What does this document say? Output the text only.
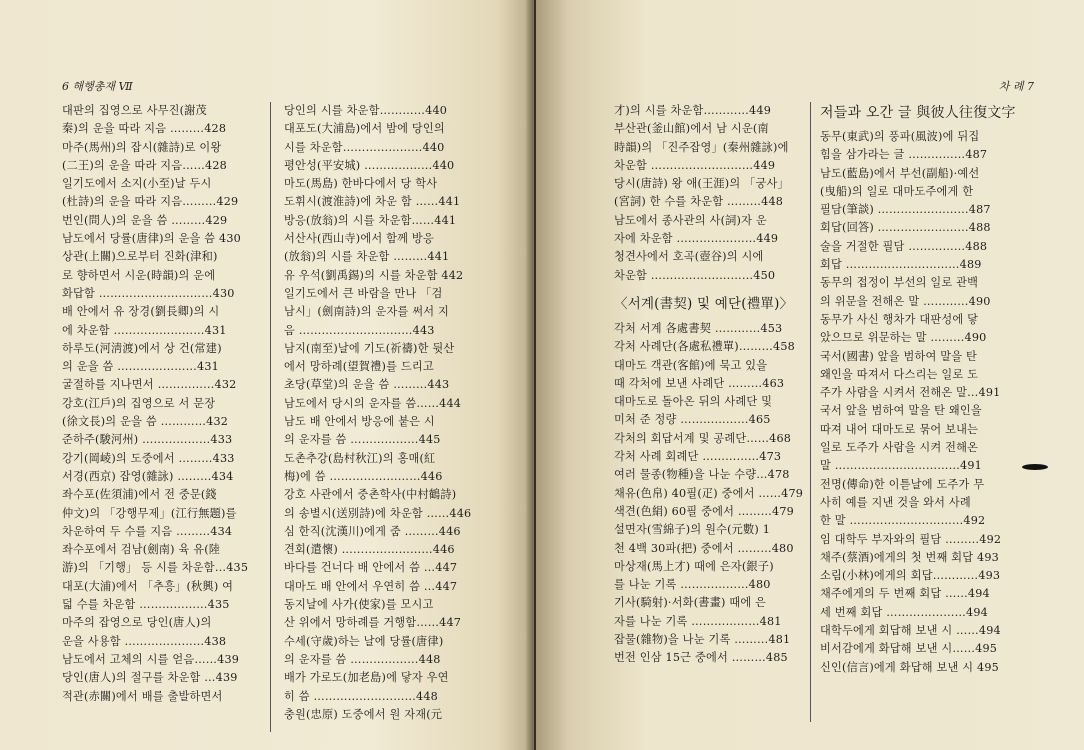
6 해행총재 Ⅶ
대판의 집영으로 사무진(謝茂
秦)의 운을 따라 지음 ………428
마주(馬州)의 잡시(雜詩)로 이왕
(二王)의 운을 따라 지음……428
일기도에서 소지(小至)날 두시
(杜詩)의 운을 따라 지음………429
번인(問人)의 운을 씀 ………429
남도에서 당률(唐律)의 운을 씀 430
상관(上關)으로부터 진화(津和)
로 향하면서 시운(時韻)의 운에
화답함 …………………………430
배 안에서 유 장경(劉長卿)의 시
에 차운함 ……………………431
하루도(河淸渡)에서 상 건(常建)
의 운을 씀 …………………431
굴절하를 지나면서 ……………432
강호(江戶)의 집영으로 서 문장
(徐文長)의 운을 씀 …………432
준하주(駿河州) ………………433
강기(岡崚)의 도중에서 ………433
서경(西京) 잡영(雜詠) ………434
좌수포(佐須浦)에서 전 중문(錢
仲文)의 「강행무제」(江行無題)를
차운하여 두 수를 지음 ………434
좌수포에서 검남(劍南) 육 유(陸
游)의 「기행」 등 시를 차운함…435
대포(大浦)에서 「추흥」(秋興) 여
덟 수를 차운함 ………………435
마주의 잡영으로 당인(唐人)의
운을 사용함 …………………438
남도에서 고체의 시를 얻음……439
당인(唐人)의 절구를 차운함 …439
적관(赤關)에서 배를 출발하면서
당인의 시를 차운함…………440
대포도(大浦島)에서 밤에 당인의
시를 차운함…………………440
평안성(平安城) ………………440
마도(馬島) 한바다에서 당 학사
도휘시(渡淮詩)에 차운 함 ……441
방응(放翁)의 시를 차운함……441
서산사(西山寺)에서 함께 방응
(放翁)의 시를 차운함 ………441
유 우석(劉禹錫)의 시를 차운함 442
일기도에서 큰 바람을 만나 「검
남시」(劍南詩)의 운자를 써서 지
음 …………………………443
남지(南至)날에 기도(祈禱)한 뒷산
에서 망하례(望賀禮)를 드리고
초당(草堂)의 운을 씀 ………443
남도에서 당시의 운자를 씀……444
남도 배 안에서 방응에 붙은 시
의 운자를 씀 ………………445
도촌추강(島村秋江)의 홍매(紅
梅)에 씀 ……………………446
강호 사관에서 중촌학사(中村鶴詩)
의 송별시(送別詩)에 차운함 ……446
심 한직(沈漢川)에게 줌 ………446
견회(遣懷) ……………………446
바다를 건너다 배 안에서 씀 …447
대마도 배 안에서 우연히 씀 …447
동지날에 사가(使家)를 모시고
산 위에서 망하례를 거행함……447
수세(守歲)하는 날에 당률(唐律)
의 운자를 씀 ………………448
배가 가로도(加老島)에 닿자 우연
히 씀 ………………………448
충원(忠原) 도중에서 원 자재(元
차 례 7
才)의 시를 차운함…………449
부산관(釜山館)에서 남 시운(南
時韻)의 「진주잡영」(秦州雜詠)에
차운함 ………………………449
당시(唐詩) 왕 애(王涯)의 「궁사」
(宮詞) 한 수를 차운함 ………448
남도에서 종사관의 사(詞)자 운
자에 차운함 …………………449
청견사에서 호곡(壺谷)의 시에
차운함 ………………………450
〈서계(書契) 및 예단(禮單)〉
각처 서계 各處書契 …………453
각처 사례단(各處私禮單)………458
대마도 객관(客館)에 묵고 있을
때 각처에 보낸 사례단 ………463
대마도로 돌아온 뒤의 사례단 및
미처 준 정량 ………………465
각처의 회답서계 및 공례단……468
각처 사례 회례단 ……………473
여러 물종(物種)을 나눈 수량…478
채유(色帛) 40필(疋) 중에서 ……479
색견(色絹) 60필 중에서 ………479
설면자(雪綿子)의 원수(元數) 1
천 4백 30파(把) 중에서 ………480
마상재(馬上才) 때에 은자(銀子)
를 나눈 기록 ………………480
기사(騎射)·서화(書畫) 때에 은
자를 나눈 기록 ………………481
잡물(雜物)을 나눈 기록 ………481
번전 인삼 15근 중에서 ………485
저들과 오간 글 與彼人往復文字
동무(東武)의 풍파(風波)에 뒤집
힘을 삼가라는 글 ……………487
남도(藍島)에서 부선(副船)·예선
(曳船)의 일로 대마도주에게 한
필담(筆談) ……………………487
회답(回答) ……………………488
술을 거절한 필담 ……………488
회답 …………………………489
동무의 접정이 부선의 일로 관백
의 위문을 전해온 말 …………490
동무가 사신 행차가 대판성에 닿
았으므로 위문하는 말 ………490
국서(國書) 앞을 범하여 말을 탄
왜인을 따져서 다스리는 일로 도
주가 사람을 시켜서 전해온 말…491
국서 앞을 범하여 말을 탄 왜인을
따져 내어 대마도로 묶어 보내는
일로 도주가 사람을 시켜 전해온
말 ……………………………491
전명(傳命)한 이튿날에 도주가 무
사히 예를 지낸 것을 와서 사례
한 말 …………………………492
임 대학두 부자와의 필담 ………492
채주(蔡酒)에게의 첫 번째 회답 493
소림(小林)에게의 회답…………493
채주에게의 두 번째 회답 ……494
세 번째 회답 …………………494
대학두에게 회답해 보낸 시 ……494
비서감에게 화답해 보낸 시……495
신인(信言)에게 화답해 보낸 시 495
